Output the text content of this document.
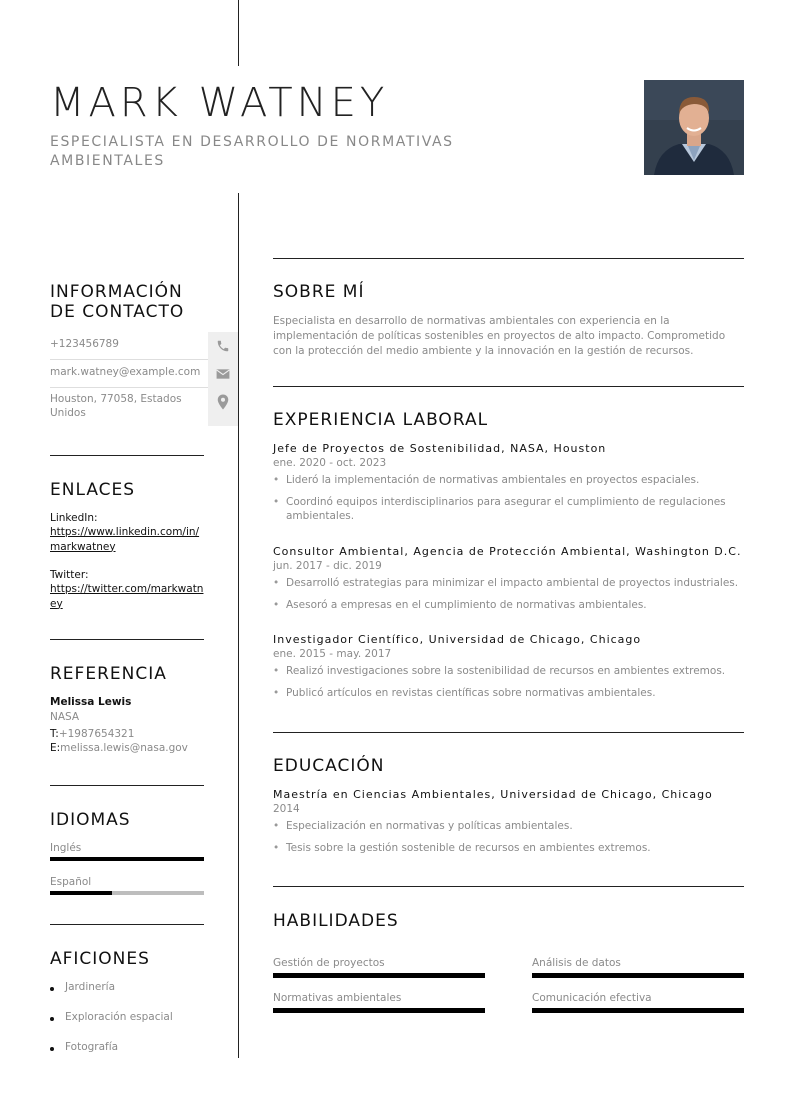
MARK WATNEY
ESPECIALISTA EN DESARROLLO DE NORMATIVAS AMBIENTALES
INFORMACIÓN DE CONTACTO
+123456789
mark.watney@example.com
Houston, 77058, Estados Unidos
ENLACES
LinkedIn:
https://www.linkedin.com/in/markwatney
Twitter:
https://twitter.com/markwatney
REFERENCIA
Melissa Lewis
NASA
T:+1987654321
E:melissa.lewis@nasa.gov
IDIOMAS
Inglés
Español
AFICIONES
Jardinería
Exploración espacial
Fotografía
SOBRE MÍ
Especialista en desarrollo de normativas ambientales con experiencia en la implementación de políticas sostenibles en proyectos de alto impacto. Comprometido con la protección del medio ambiente y la innovación en la gestión de recursos.
EXPERIENCIA LABORAL
Jefe de Proyectos de Sostenibilidad, NASA, Houston
ene. 2020 - oct. 2023
• Lideró la implementación de normativas ambientales en proyectos espaciales.
• Coordinó equipos interdisciplinarios para asegurar el cumplimiento de regulaciones ambientales.
Consultor Ambiental, Agencia de Protección Ambiental, Washington D.C.
jun. 2017 - dic. 2019
• Desarrolló estrategias para minimizar el impacto ambiental de proyectos industriales.
• Asesoró a empresas en el cumplimiento de normativas ambientales.
Investigador Científico, Universidad de Chicago, Chicago
ene. 2015 - may. 2017
• Realizó investigaciones sobre la sostenibilidad de recursos en ambientes extremos.
• Publicó artículos en revistas científicas sobre normativas ambientales.
EDUCACIÓN
Maestría en Ciencias Ambientales, Universidad de Chicago, Chicago
2014
• Especialización en normativas y políticas ambientales.
• Tesis sobre la gestión sostenible de recursos en ambientes extremos.
HABILIDADES
Gestión de proyectos	Análisis de datos
Normativas ambientales	Comunicación efectiva
